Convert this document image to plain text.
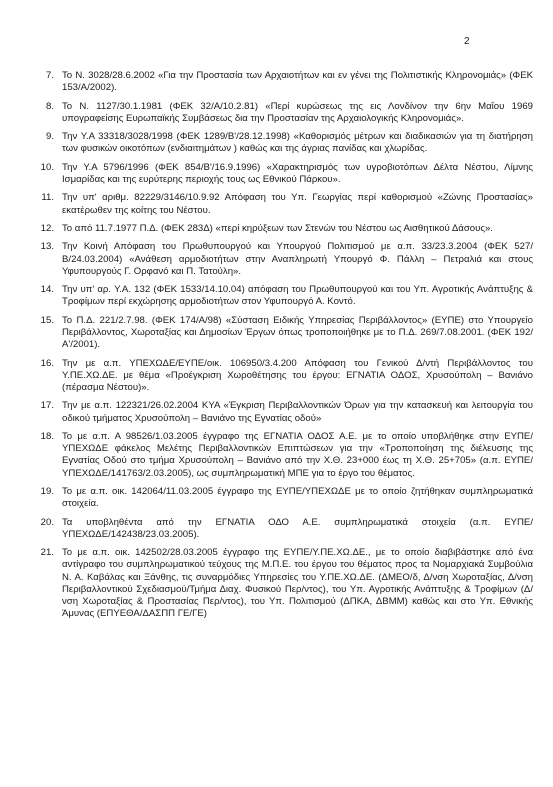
2
7. Το Ν. 3028/28.6.2002 «Για την Προστασία των Αρχαιοτήτων και εν γένει της Πολιτιστικής Κληρονομιάς» (ΦΕΚ 153/Α/2002).
8. Το Ν. 1127/30.1.1981 (ΦΕΚ 32/Α/10.2.81) «Περί κυρώσεως της εις Λονδίνον την 6ην Μαΐου 1969 υπογραφείσης Ευρωπαϊκής Συμβάσεως δια την Προστασίαν της Αρχαιολογικής Κληρονομιάς».
9. Την Υ.Α 33318/3028/1998 (ΦΕΚ 1289/Β'/28.12.1998) «Καθορισμός μέτρων και διαδικασιών για τη διατήρηση των φυσικών οικοτόπων (ενδιαιτημάτων ) καθώς και της άγριας πανίδας και χλωρίδας.
10. Την Υ.Α 5796/1996 (ΦΕΚ 854/Β'/16.9.1996) «Χαρακτηρισμός των υγροβιοτόπων Δέλτα Νέστου, Λίμνης Ισμαρίδας και της ευρύτερης περιοχής τους ως Εθνικού Πάρκου».
11. Την υπ' αριθμ. 82229/3146/10.9.92 Απόφαση του Υπ. Γεωργίας περί καθορισμού «Ζώνης Προστασίας» εκατέρωθεν της κοίτης του Νέστου.
12. Το από 11.7.1977 Π.Δ. (ΦΕΚ 283Δ) «περί κηρύξεων των Στενών του Νέστου ως Αισθητικού Δάσους».
13. Την Κοινή Απόφαση του Πρωθυπουργού και Υπουργού Πολιτισμού με α.π. 33/23.3.2004 (ΦΕΚ 527/Β/24.03.2004) «Ανάθεση αρμοδιοτήτων στην Αναπληρωτή Υπουργό Φ. Πάλλη – Πετραλιά και στους Υφυπουργούς Γ. Ορφανό και Π. Τατούλη».
14. Την υπ' αρ. Υ.Α. 132 (ΦΕΚ 1533/14.10.04) απόφαση του Πρωθυπουργού και του Υπ. Αγροτικής Ανάπτυξης & Τροφίμων περί εκχώρησης αρμοδιοτήτων στον Υφυπουργό Α. Κοντό.
15. Το Π.Δ. 221/2.7.98. (ΦΕΚ 174/Α/98) «Σύσταση Ειδικής Υπηρεσίας Περιβάλλοντος» (ΕΥΠΕ) στο Υπουργείο Περιβάλλοντος, Χωροταξίας και Δημοσίων Έργων όπως τροποποιήθηκε με το Π.Δ. 269/7.08.2001. (ΦΕΚ 192/Α'/2001).
16. Την με α.π. ΥΠΕΧΩΔΕ/ΕΥΠΕ/οικ. 106950/3.4.200 Απόφαση του Γενικού Δ/ντή Περιβάλλοντος του Υ.ΠΕ.ΧΩ.ΔΕ. με θέμα «Προέγκριση Χωροθέτησης του έργου: ΕΓΝΑΤΙΑ ΟΔΟΣ, Χρυσούπολη – Βανιάνο (πέρασμα Νέστου)».
17. Την με α.π. 122321/26.02.2004 ΚΥΑ «Έγκριση Περιβαλλοντικών Όρων για την κατασκευή και λειτουργία του οδικού τμήματος Χρυσούπολη – Βανιάνο της Εγνατίας οδού»
18. Το με α.π. Α 98526/1.03.2005 έγγραφο της ΕΓΝΑΤΙΑ ΟΔΟΣ Α.Ε. με το οποίο υποβλήθηκε στην ΕΥΠΕ/ΥΠΕΧΩΔΕ φάκελος Μελέτης Περιβαλλοντικών Επιπτώσεων για την «Τροποποίηση της διέλευσης της Εγνατίας Οδού στο τμήμα Χρυσούπολη – Βανιάνο από την Χ.Θ. 23+000 έως τη Χ.Θ. 25+705» (α.π. ΕΥΠΕ/ ΥΠΕΧΩΔΕ/141763/2.03.2005), ως συμπληρωματική ΜΠΕ για το έργο του θέματος.
19. Το με α.π. οικ. 142064/11.03.2005 έγγραφο της ΕΥΠΕ/ΥΠΕΧΩΔΕ με το οποίο ζητήθηκαν συμπληρωματικά στοιχεία.
20. Τα υποβληθέντα από την ΕΓΝΑΤΙΑ ΟΔΟ Α.Ε. συμπληρωματικά στοιχεία (α.π. ΕΥΠΕ/ΥΠΕΧΩΔΕ/142438/23.03.2005).
21. Το με α.π. οικ. 142502/28.03.2005 έγγραφο της ΕΥΠΕ/Υ.ΠΕ.ΧΩ.ΔΕ., με το οποίο διαβιβάστηκε από ένα αντίγραφο του συμπληρωματικού τεύχους της Μ.Π.Ε. του έργου του θέματος προς τα Νομαρχιακά Συμβούλια Ν. Α. Καβάλας και Ξάνθης, τις συναρμόδιες Υπηρεσίες του Υ.ΠΕ.ΧΩ.ΔΕ. (ΔΜΕΟ/δ, Δ/νση Χωροταξίας, Δ/νση Περιβαλλοντικού Σχεδιασμού/Τμήμα Διαχ. Φυσικού Περ/ντος), του Υπ. Αγροτικής Ανάπτυξης & Τροφίμων (Δ/νση Χωροταξίας & Προστασίας Περ/ντος), του Υπ. Πολιτισμού (ΔΠΚΑ, ΔΒΜΜ) καθώς και στο Υπ. Εθνικής Άμυνας (ΕΠΥΕΘΑ/ΔΑΣΠΠ ΓΕ/ΓΕ)
